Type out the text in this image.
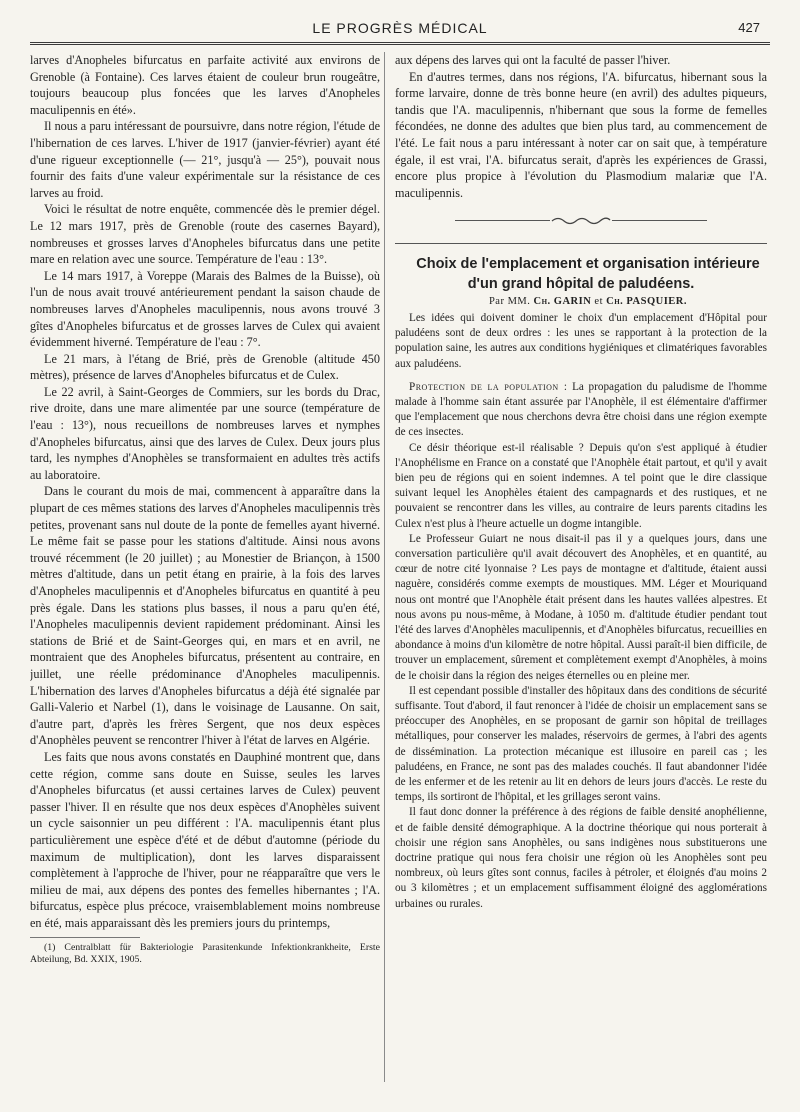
LE PROGRÈS MÉDICAL	427

larves d'Anopheles bifurcatus en parfaite activité aux environs de Grenoble (à Fontaine). Ces larves étaient de couleur brun rougeâtre, toujours beaucoup plus foncées que les larves d'Anopheles maculipennis en été».

Il nous a paru intéressant de poursuivre, dans notre région, l'étude de l'hibernation de ces larves. L'hiver de 1917 (janvier-février) ayant été d'une rigueur exceptionnelle (— 21°, jusqu'à — 25°), pouvait nous fournir des faits d'une valeur expérimentale sur la résistance de ces larves au froid.

Voici le résultat de notre enquête, commencée dès le premier dégel. Le 12 mars 1917, près de Grenoble (route des casernes Bayard), nombreuses et grosses larves d'Anopheles bifurcatus dans une petite mare en relation avec une source. Température de l'eau : 13°.

Le 14 mars 1917, à Voreppe (Marais des Balmes de la Buisse), où l'un de nous avait trouvé antérieurement pendant la saison chaude de nombreuses larves d'Anopheles maculipennis, nous avons trouvé 3 gîtes d'Anopheles bifurcatus et de grosses larves de Culex qui avaient évidemment hiverné. Température de l'eau : 7°.

Le 21 mars, à l'étang de Brié, près de Grenoble (altitude 450 mètres), présence de larves d'Anopheles bifurcatus et de Culex.

Le 22 avril, à Saint-Georges de Commiers, sur les bords du Drac, rive droite, dans une mare alimentée par une source (température de l'eau : 13°), nous recueillons de nombreuses larves et nymphes d'Anopheles bifurcatus, ainsi que des larves de Culex. Deux jours plus tard, les nymphes d'Anophèles se transformaient en adultes très actifs au laboratoire.

Dans le courant du mois de mai, commencent à apparaître dans la plupart de ces mêmes stations des larves d'Anopheles maculipennis très petites, provenant sans nul doute de la ponte de femelles ayant hiverné. Le même fait se passe pour les stations d'altitude. Ainsi nous avons trouvé récemment (le 20 juillet) ; au Monestier de Briançon, à 1500 mètres d'altitude, dans un petit étang en prairie, à la fois des larves d'Anopheles maculipennis et d'Anopheles bifurcatus en quantité à peu près égale. Dans les stations plus basses, il nous a paru qu'en été, l'Anopheles maculipennis devient rapidement prédominant. Ainsi les stations de Brié et de Saint-Georges qui, en mars et en avril, ne montraient que des Anopheles bifurcatus, présentent au contraire, en juillet, une réelle prédominance d'Anopheles maculipennis. L'hibernation des larves d'Anopheles bifurcatus a déjà été signalée par Galli-Valerio et Narbel (1), dans le voisinage de Lausanne. On sait, d'autre part, d'après les frères Sergent, que nos deux espèces d'Anophèles peuvent se rencontrer l'hiver à l'état de larves en Algérie.

Les faits que nous avons constatés en Dauphiné montrent que, dans cette région, comme sans doute en Suisse, seules les larves d'Anopheles bifurcatus (et aussi certaines larves de Culex) peuvent passer l'hiver. Il en résulte que nos deux espèces d'Anophèles suivent un cycle saisonnier un peu différent : l'A. maculipennis étant plus particulièrement une espèce d'été et de début d'automne (période du maximum de multiplication), dont les larves disparaissent complètement à l'approche de l'hiver, pour ne réapparaître que vers le milieu de mai, aux dépens des pontes des femelles hibernantes ; l'A. bifurcatus, espèce plus précoce, vraisemblablement moins nombreuse en été, mais apparaissant dès les premiers jours du printemps,

(1) Centralblatt für Bakteriologie Parasitenkunde Infektionkrankheite, Erste Abteilung, Bd. XXIX, 1905.

aux dépens des larves qui ont la faculté de passer l'hiver.

En d'autres termes, dans nos régions, l'A. bifurcatus, hibernant sous la forme larvaire, donne de très bonne heure (en avril) des adultes piqueurs, tandis que l'A. maculipennis, n'hibernant que sous la forme de femelles fécondées, ne donne des adultes que bien plus tard, au commencement de l'été. Le fait nous a paru intéressant à noter car on sait que, à température égale, il est vrai, l'A. bifurcatus serait, d'après les expériences de Grassi, encore plus propice à l'évolution du Plasmodium malariæ que l'A. maculipennis.

Choix de l'emplacement et organisation intérieure d'un grand hôpital de paludéens.

Par MM. Ch. GARIN et Ch. PASQUIER.

Les idées qui doivent dominer le choix d'un emplacement d'Hôpital pour paludéens sont de deux ordres : les unes se rapportant à la protection de la population saine, les autres aux conditions hygiéniques et climatériques favorables aux paludéens.

Protection de la population : La propagation du paludisme de l'homme malade à l'homme sain étant assurée par l'Anophèle, il est élémentaire d'affirmer que l'emplacement que nous cherchons devra être choisi dans une région exempte de ces insectes.

Ce désir théorique est-il réalisable ? Depuis qu'on s'est appliqué à étudier l'Anophélisme en France on a constaté que l'Anophèle était partout, et qu'il y avait bien peu de régions qui en soient indemnes. A tel point que le dire classique suivant lequel les Anophèles étaient des campagnards et des rustiques, et ne pouvaient se rencontrer dans les villes, au contraire de leurs parents citadins les Culex n'est plus à l'heure actuelle un dogme intangible.

Le Professeur Guiart ne nous disait-il pas il y a quelques jours, dans une conversation particulière qu'il avait découvert des Anophèles, et en quantité, au cœur de notre cité lyonnaise ? Les pays de montagne et d'altitude, étaient aussi naguère, considérés comme exempts de moustiques. MM. Léger et Mouriquand nous ont montré que l'Anophèle était présent dans les hautes vallées alpestres. Et nous avons pu nous-même, à Modane, à 1050 m. d'altitude étudier pendant tout l'été des larves d'Anophèles maculipennis, et d'Anophèles bifurcatus, recueillies en abondance à moins d'un kilomètre de notre hôpital. Aussi paraît-il bien difficile, de trouver un emplacement, sûrement et complètement exempt d'Anophèles, à moins de le choisir dans la région des neiges éternelles ou en pleine mer.

Il est cependant possible d'installer des hôpitaux dans des conditions de sécurité suffisante. Tout d'abord, il faut renoncer à l'idée de choisir un emplacement sans se préoccuper des Anophèles, en se proposant de garnir son hôpital de treillages métalliques, pour conserver les malades, réservoirs de germes, à l'abri des agents de dissémination. La protection mécanique est illusoire en pareil cas ; les paludéens, en France, ne sont pas des malades couchés. Il faut abandonner l'idée de les enfermer et de les retenir au lit en dehors de leurs jours d'accès. Le reste du temps, ils sortiront de l'hôpital, et les grillages seront vains.

Il faut donc donner la préférence à des régions de faible densité anophélienne, et de faible densité démographique. A la doctrine théorique qui nous porterait à choisir une région sans Anophèles, ou sans indigènes nous substituerons une doctrine pratique qui nous fera choisir une région où les Anophèles sont peu nombreux, où leurs gîtes sont connus, faciles à pétroler, et éloignés d'au moins 2 ou 3 kilomètres ; et un emplacement suffisamment éloigné des agglomérations urbaines ou rurales.
